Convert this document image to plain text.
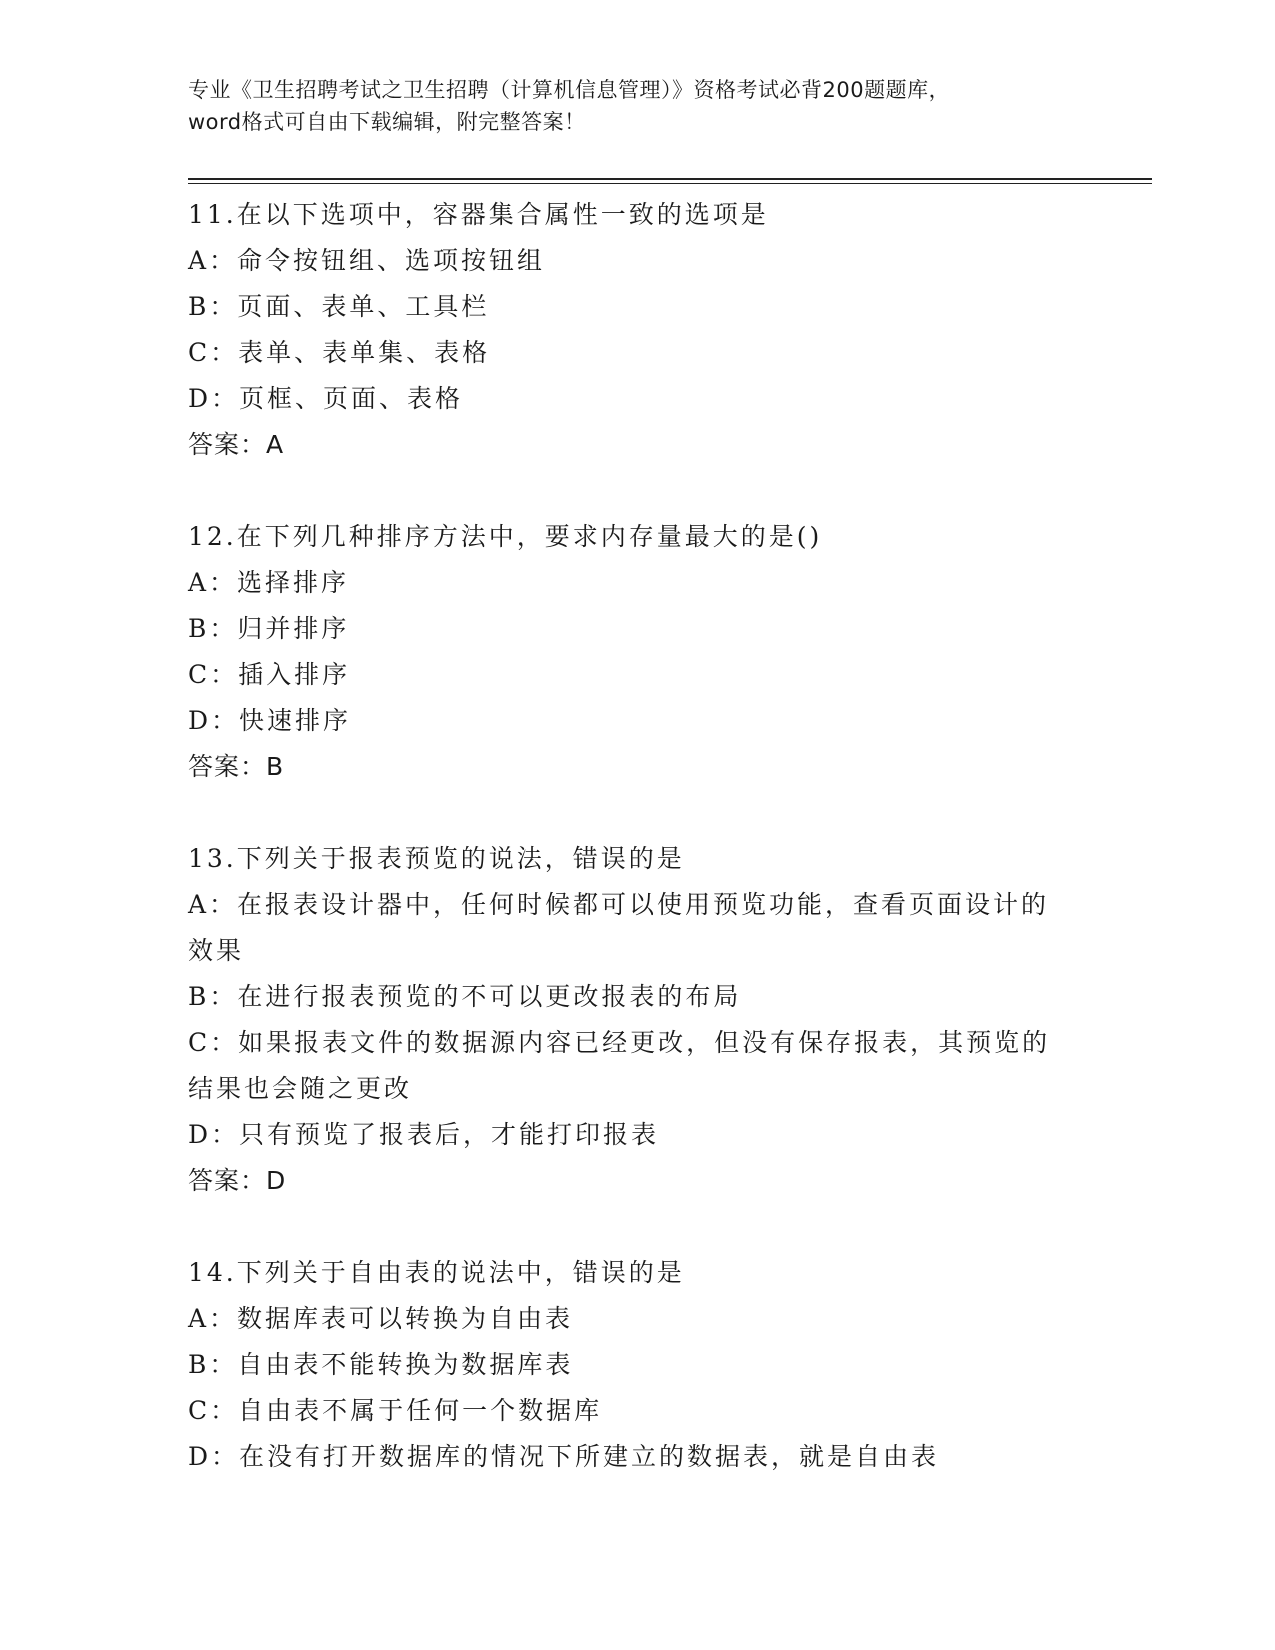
专业《卫生招聘考试之卫生招聘（计算机信息管理）》资格考试必背200题题库，
word格式可自由下载编辑，附完整答案！
11.在以下选项中，容器集合属性一致的选项是
A：命令按钮组、选项按钮组
B：页面、表单、工具栏
C：表单、表单集、表格
D：页框、页面、表格
答案：A
12.在下列几种排序方法中，要求内存量最大的是()
A：选择排序
B：归并排序
C：插入排序
D：快速排序
答案：B
13.下列关于报表预览的说法，错误的是
A：在报表设计器中，任何时候都可以使用预览功能，查看页面设计的
效果
B：在进行报表预览的不可以更改报表的布局
C：如果报表文件的数据源内容已经更改，但没有保存报表，其预览的
结果也会随之更改
D：只有预览了报表后，才能打印报表
答案：D
14.下列关于自由表的说法中，错误的是
A：数据库表可以转换为自由表
B：自由表不能转换为数据库表
C：自由表不属于任何一个数据库
D：在没有打开数据库的情况下所建立的数据表，就是自由表
